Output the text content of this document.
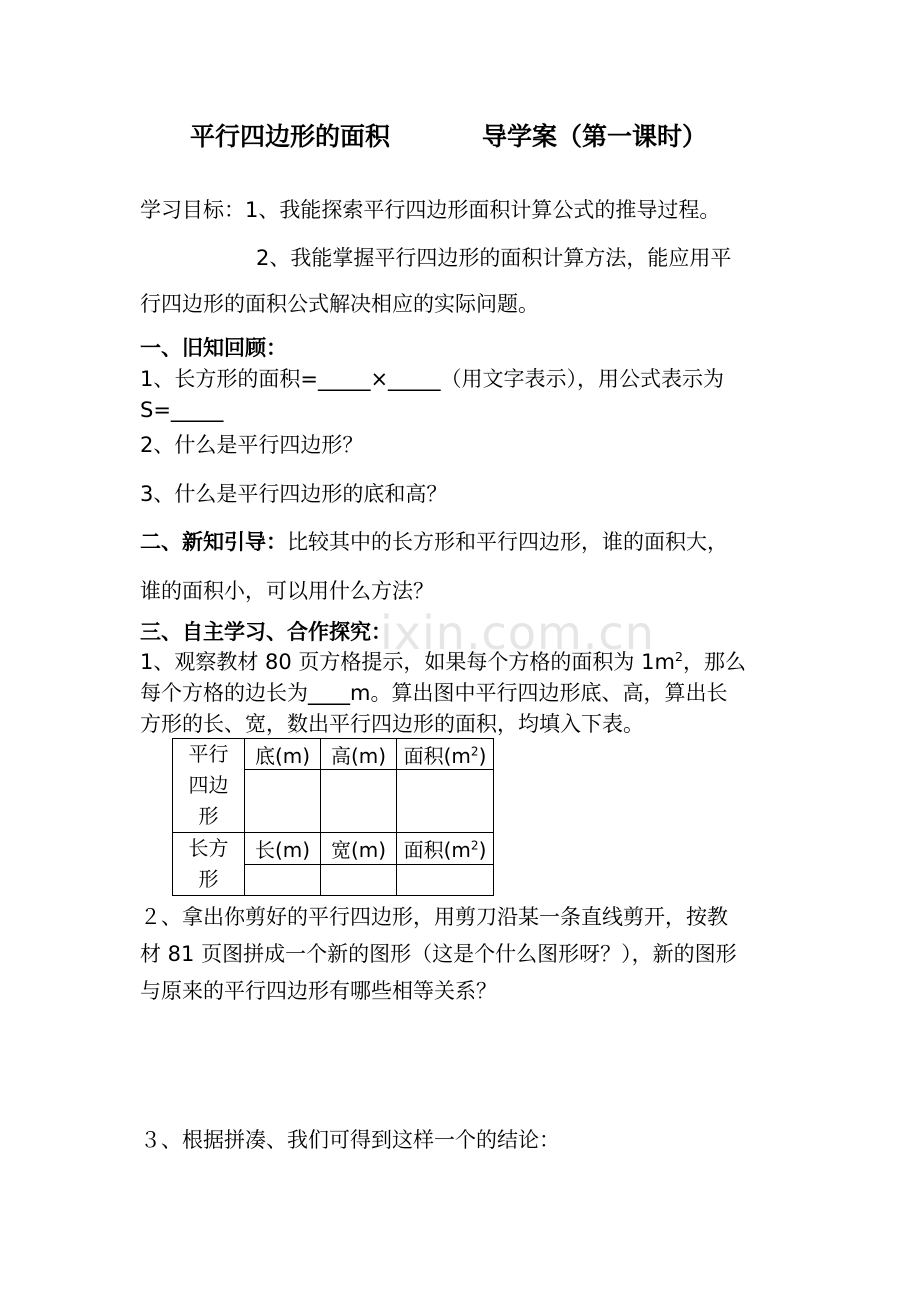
ixin.com.cn
平行四边形的面积	导学案（第一课时）
学习目标：1、我能探索平行四边形面积计算公式的推导过程。
2、我能掌握平行四边形的面积计算方法，能应用平
行四边形的面积公式解决相应的实际问题。
一、旧知回顾：
1、长方形的面积=_____×_____（用文字表示），用公式表示为
S=_____
2、什么是平行四边形？
3、什么是平行四边形的底和高？
二、新知引导：比较其中的长方形和平行四边形，谁的面积大，
谁的面积小，可以用什么方法？
三、自主学习、合作探究：
1、观察教材 80 页方格提示，如果每个方格的面积为 $1m^2$，那么
每个方格的边长为____m。算出图中平行四边形底、高，算出长
方形的长、宽，数出平行四边形的面积，均填入下表。
平行四边形	底(m)	高(m)	面积$(m^2)$

长方形	长(m)	宽(m)	面积$(m^2)$

２、拿出你剪好的平行四边形，用剪刀沿某一条直线剪开，按教
材 81 页图拼成一个新的图形（这是个什么图形呀？），新的图形
与原来的平行四边形有哪些相等关系？
３、根据拼凑、我们可得到这样一个的结论：
